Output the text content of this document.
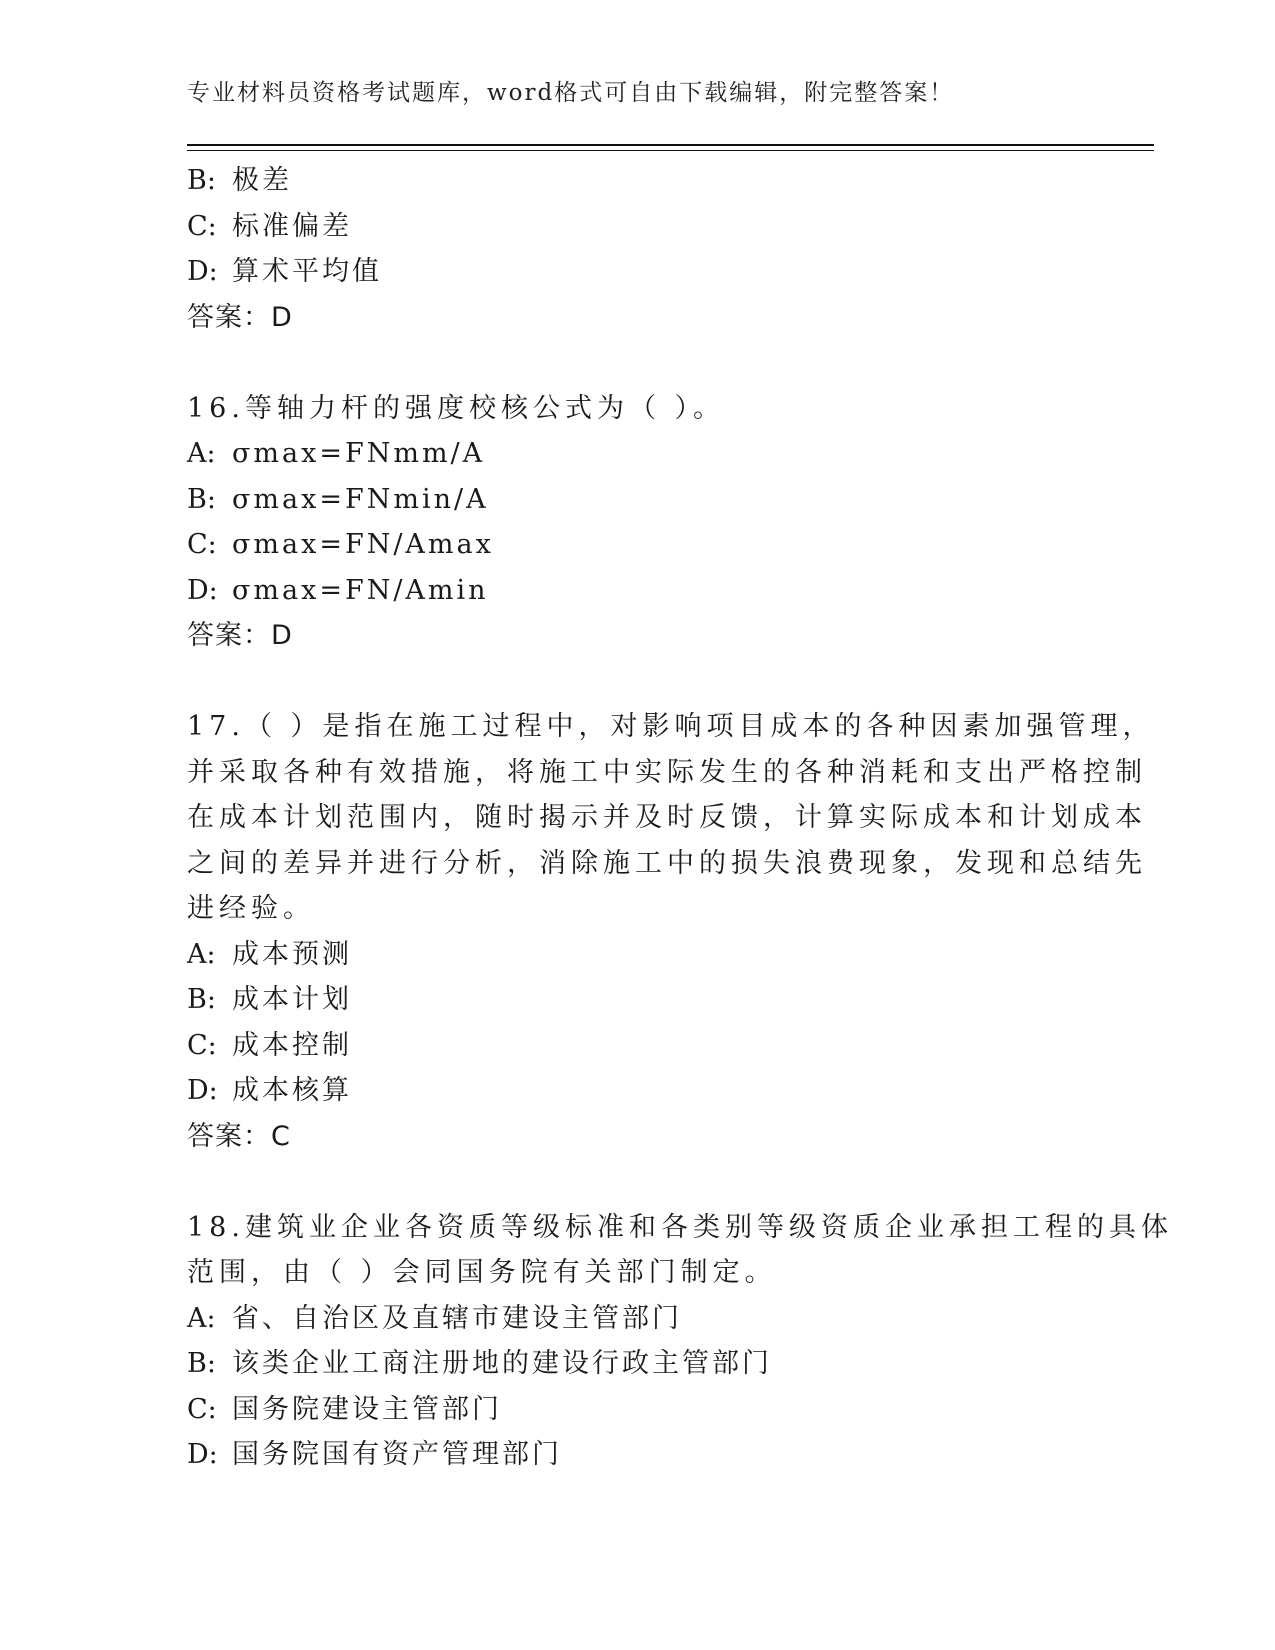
专业材料员资格考试题库，word格式可自由下载编辑，附完整答案！
B: 极差
C: 标准偏差
D: 算术平均值
答案：D
16.等轴力杆的强度校核公式为（ ）。
A: σmax=FNmm/A
B: σmax=FNmin/A
C: σmax=FN/Amax
D: σmax=FN/Amin
答案：D
17.（ ）是指在施工过程中，对影响项目成本的各种因素加强管理，
并采取各种有效措施，将施工中实际发生的各种消耗和支出严格控制
在成本计划范围内，随时揭示并及时反馈，计算实际成本和计划成本
之间的差异并进行分析，消除施工中的损失浪费现象，发现和总结先
进经验。
A: 成本预测
B: 成本计划
C: 成本控制
D: 成本核算
答案：C
18.建筑业企业各资质等级标准和各类别等级资质企业承担工程的具体
范围，由（ ）会同国务院有关部门制定。
A: 省、自治区及直辖市建设主管部门
B: 该类企业工商注册地的建设行政主管部门
C: 国务院建设主管部门
D: 国务院国有资产管理部门
